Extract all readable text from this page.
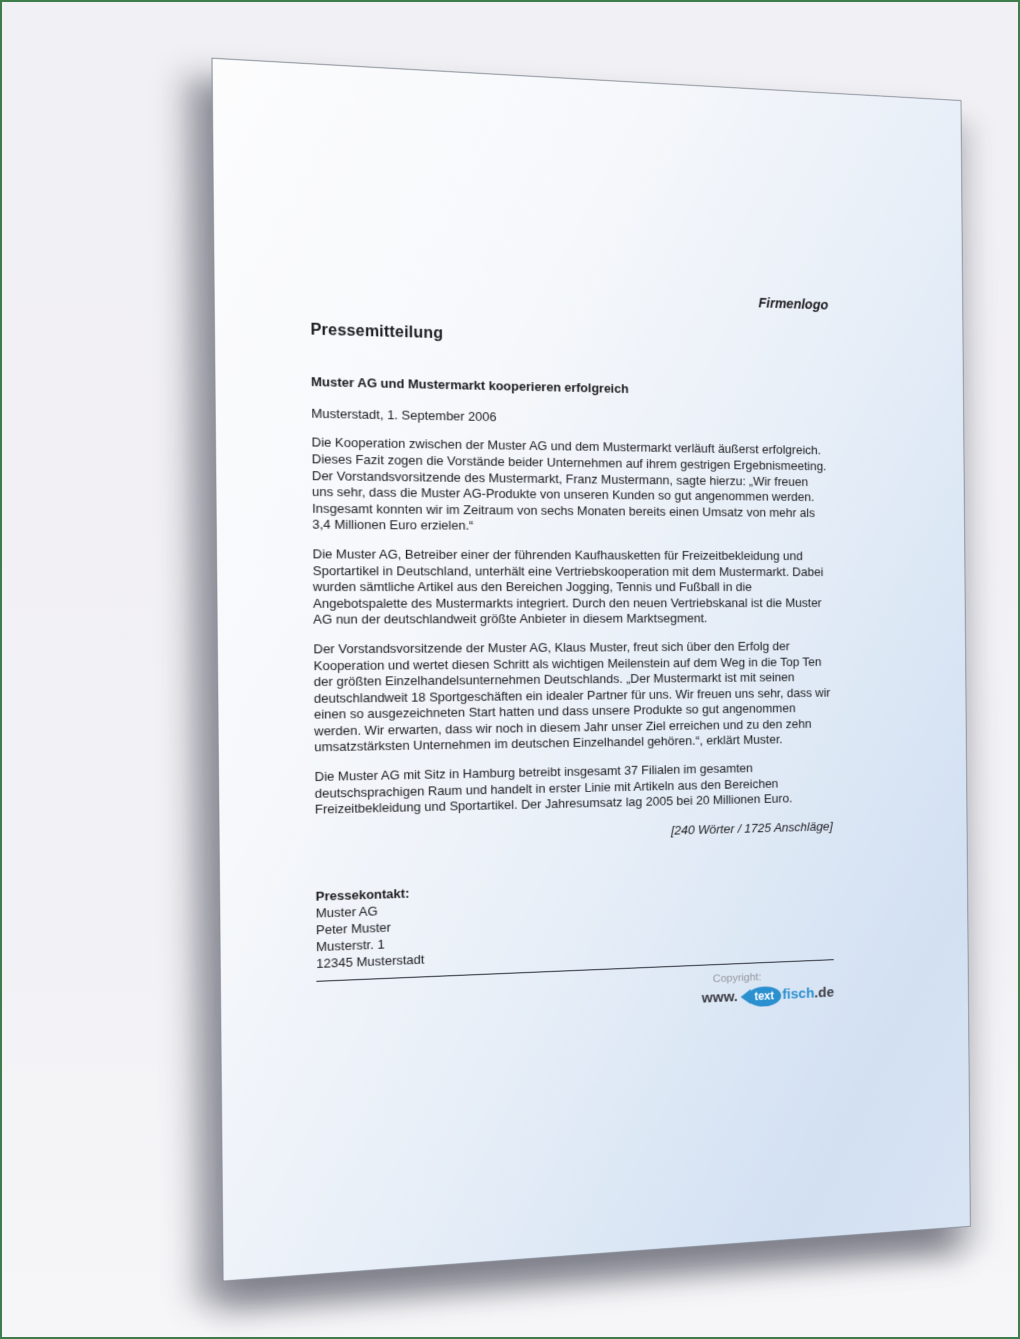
Firmenlogo
Pressemitteilung
Muster AG und Mustermarkt kooperieren erfolgreich
Musterstadt, 1. September 2006

Die Kooperation zwischen der Muster AG und dem Mustermarkt verläuft äußerst erfolgreich. Dieses Fazit zogen die Vorstände beider Unternehmen auf ihrem gestrigen Ergebnismeeting. Der Vorstandsvorsitzende des Mustermarkt, Franz Mustermann, sagte hierzu: „Wir freuen uns sehr, dass die Muster AG-Produkte von unseren Kunden so gut angenommen werden. Insgesamt konnten wir im Zeitraum von sechs Monaten bereits einen Umsatz von mehr als 3,4 Millionen Euro erzielen.“

Die Muster AG, Betreiber einer der führenden Kaufhausketten für Freizeitbekleidung und Sportartikel in Deutschland, unterhält eine Vertriebskooperation mit dem Mustermarkt. Dabei wurden sämtliche Artikel aus den Bereichen Jogging, Tennis und Fußball in die Angebotspalette des Mustermarkts integriert. Durch den neuen Vertriebskanal ist die Muster AG nun der deutschlandweit größte Anbieter in diesem Marktsegment.

Der Vorstandsvorsitzende der Muster AG, Klaus Muster, freut sich über den Erfolg der Kooperation und wertet diesen Schritt als wichtigen Meilenstein auf dem Weg in die Top Ten der größten Einzelhandelsunternehmen Deutschlands. „Der Mustermarkt ist mit seinen deutschlandweit 18 Sportgeschäften ein idealer Partner für uns. Wir freuen uns sehr, dass wir einen so ausgezeichneten Start hatten und dass unsere Produkte so gut angenommen werden. Wir erwarten, dass wir noch in diesem Jahr unser Ziel erreichen und zu den zehn umsatzstärksten Unternehmen im deutschen Einzelhandel gehören.“, erklärt Muster.

Die Muster AG mit Sitz in Hamburg betreibt insgesamt 37 Filialen im gesamten deutschsprachigen Raum und handelt in erster Linie mit Artikeln aus den Bereichen Freizeitbekleidung und Sportartikel. Der Jahresumsatz lag 2005 bei 20 Millionen Euro.

[240 Wörter / 1725 Anschläge]
Pressekontakt:
Muster AG
Peter Muster
Musterstr. 1
12345 Musterstadt
Copyright:
www.	text fisch .de
